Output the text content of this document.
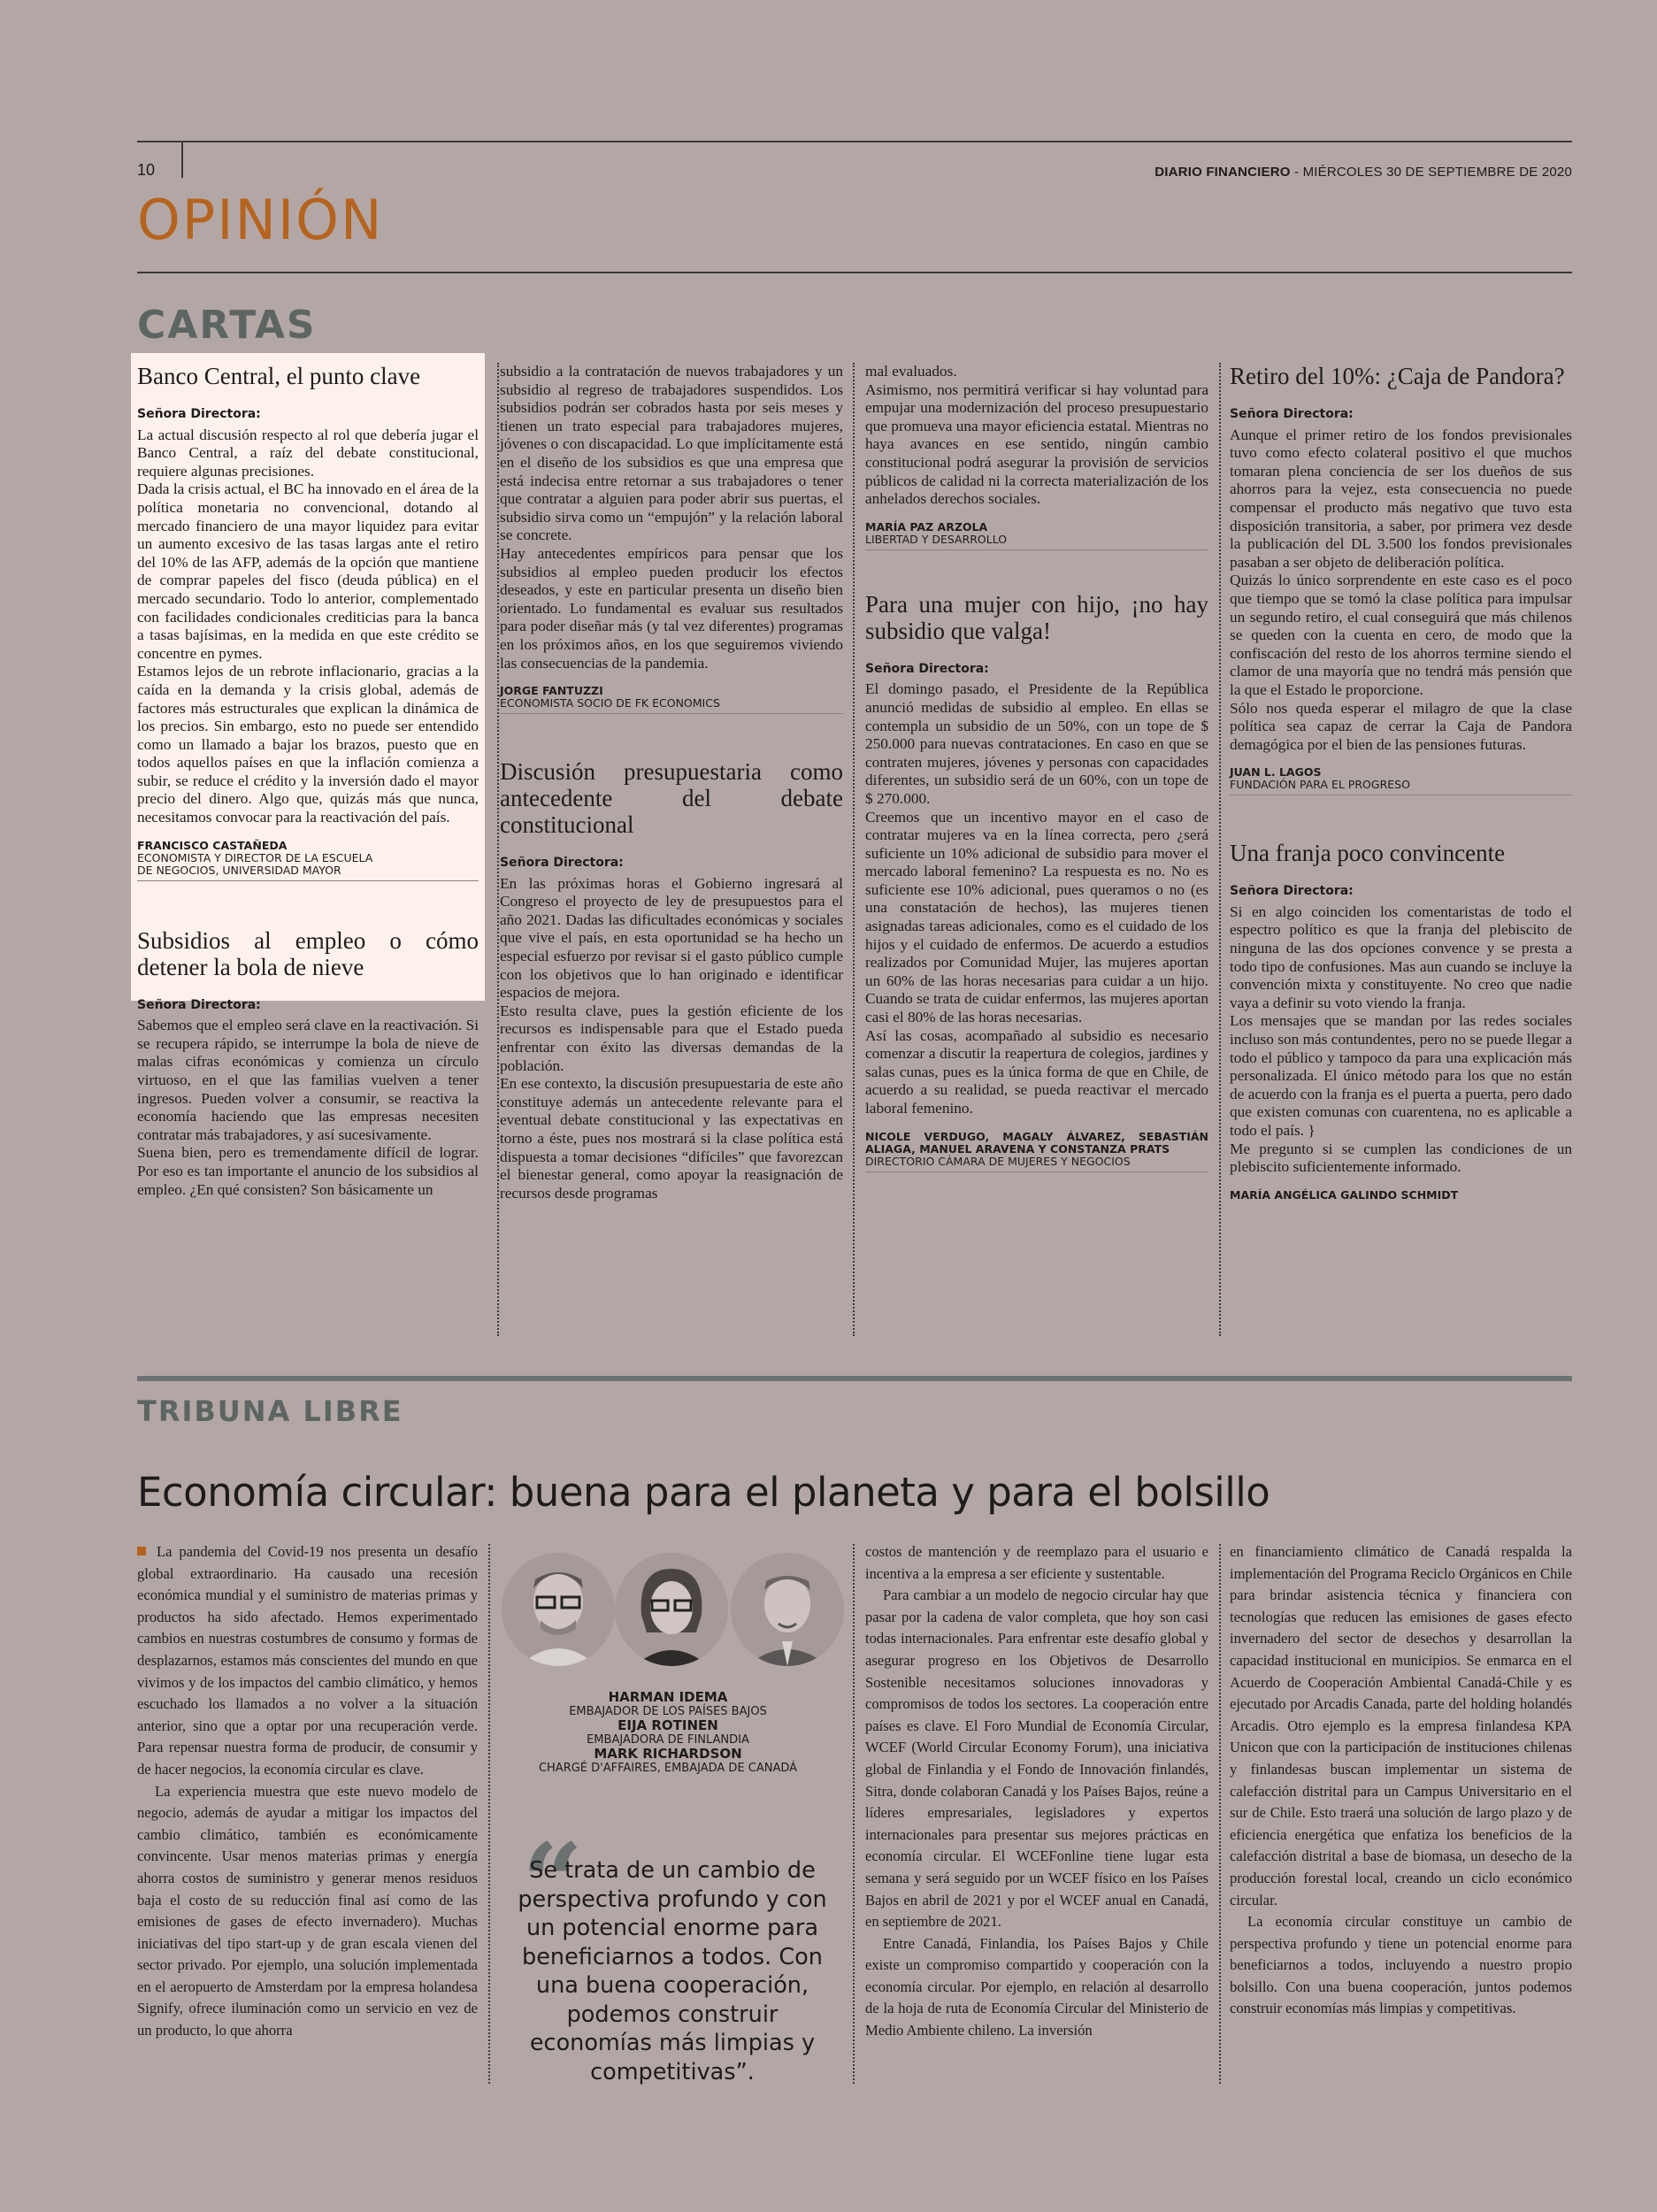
10	DIARIO FINANCIERO - MIÉRCOLES 30 DE SEPTIEMBRE DE 2020
OPINIÓN
CARTAS
Banco Central, el punto clave
Señora Directora:

La actual discusión respecto al rol que debería jugar el Banco Central, a raíz del debate constitucional, requiere algunas precisiones.

Dada la crisis actual, el BC ha innovado en el área de la política monetaria no convencional, dotando al mercado financiero de una mayor liquidez para evitar un aumento excesivo de las tasas largas ante el retiro del 10% de las AFP, además de la opción que mantiene de comprar papeles del fisco (deuda pública) en el mercado secundario. Todo lo anterior, complementado con facilidades condicionales crediticias para la banca a tasas bajísimas, en la medida en que este crédito se concentre en pymes.

Estamos lejos de un rebrote inflacionario, gracias a la caída en la demanda y la crisis global, además de factores más estructurales que explican la dinámica de los precios. Sin embargo, esto no puede ser entendido como un llamado a bajar los brazos, puesto que en todos aquellos países en que la inflación comienza a subir, se reduce el crédito y la inversión dado el mayor precio del dinero. Algo que, quizás más que nunca, necesitamos convocar para la reactivación del país.

FRANCISCO CASTAÑEDA
ECONOMISTA Y DIRECTOR DE LA ESCUELA
DE NEGOCIOS, UNIVERSIDAD MAYOR
Subsidios al empleo o cómo detener la bola de nieve
Señora Directora:

Sabemos que el empleo será clave en la reactivación. Si se recupera rápido, se interrumpe la bola de nieve de malas cifras económicas y comienza un círculo virtuoso, en el que las familias vuelven a tener ingresos. Pueden volver a consumir, se reactiva la economía haciendo que las empresas necesiten contratar más trabajadores, y así sucesivamente.

Suena bien, pero es tremendamente difícil de lograr. Por eso es tan importante el anuncio de los subsidios al empleo. ¿En qué consisten? Son básicamente un

subsidio a la contratación de nuevos trabajadores y un subsidio al regreso de trabajadores suspendidos. Los subsidios podrán ser cobrados hasta por seis meses y tienen un trato especial para trabajadores mujeres, jóvenes o con discapacidad. Lo que implícitamente está en el diseño de los subsidios es que una empresa que está indecisa entre retornar a sus trabajadores o tener que contratar a alguien para poder abrir sus puertas, el subsidio sirva como un “empujón” y la relación laboral se concrete.

Hay antecedentes empíricos para pensar que los subsidios al empleo pueden producir los efectos deseados, y este en particular presenta un diseño bien orientado. Lo fundamental es evaluar sus resultados para poder diseñar más (y tal vez diferentes) programas en los próximos años, en los que seguiremos viviendo las consecuencias de la pandemia.

JORGE FANTUZZI
ECONOMISTA SOCIO DE FK ECONOMICS
Discusión presupuestaria como antecedente del debate constitucional
Señora Directora:

En las próximas horas el Gobierno ingresará al Congreso el proyecto de ley de presupuestos para el año 2021. Dadas las dificultades económicas y sociales que vive el país, en esta oportunidad se ha hecho un especial esfuerzo por revisar si el gasto público cumple con los objetivos que lo han originado e identificar espacios de mejora.

Esto resulta clave, pues la gestión eficiente de los recursos es indispensable para que el Estado pueda enfrentar con éxito las diversas demandas de la población.

En ese contexto, la discusión presupuestaria de este año constituye además un antecedente relevante para el eventual debate constitucional y las expectativas en torno a éste, pues nos mostrará si la clase política está dispuesta a tomar decisiones “difíciles” que favorezcan el bienestar general, como apoyar la reasignación de recursos desde programas

mal evaluados.

Asimismo, nos permitirá verificar si hay voluntad para empujar una modernización del proceso presupuestario que promueva una mayor eficiencia estatal. Mientras no haya avances en ese sentido, ningún cambio constitucional podrá asegurar la provisión de servicios públicos de calidad ni la correcta materialización de los anhelados derechos sociales.

MARÍA PAZ ARZOLA
LIBERTAD Y DESARROLLO
Para una mujer con hijo, ¡no hay subsidio que valga!
Señora Directora:

El domingo pasado, el Presidente de la República anunció medidas de subsidio al empleo. En ellas se contempla un subsidio de un 50%, con un tope de $ 250.000 para nuevas contrataciones. En caso en que se contraten mujeres, jóvenes y personas con capacidades diferentes, un subsidio será de un 60%, con un tope de $ 270.000.

Creemos que un incentivo mayor en el caso de contratar mujeres va en la línea correcta, pero ¿será suficiente un 10% adicional de subsidio para mover el mercado laboral femenino? La respuesta es no. No es suficiente ese 10% adicional, pues queramos o no (es una constatación de hechos), las mujeres tienen asignadas tareas adicionales, como es el cuidado de los hijos y el cuidado de enfermos. De acuerdo a estudios realizados por Comunidad Mujer, las mujeres aportan un 60% de las horas necesarias para cuidar a un hijo. Cuando se trata de cuidar enfermos, las mujeres aportan casi el 80% de las horas necesarias.

Así las cosas, acompañado al subsidio es necesario comenzar a discutir la reapertura de colegios, jardines y salas cunas, pues es la única forma de que en Chile, de acuerdo a su realidad, se pueda reactivar el mercado laboral femenino.

NICOLE VERDUGO, MAGALY ÁLVAREZ, SEBASTIÁN ALIAGA, MANUEL ARAVENA Y CONSTANZA PRATS
DIRECTORIO CÁMARA DE MUJERES Y NEGOCIOS
Retiro del 10%: ¿Caja de Pandora?
Señora Directora:

Aunque el primer retiro de los fondos previsionales tuvo como efecto colateral positivo el que muchos tomaran plena conciencia de ser los dueños de sus ahorros para la vejez, esta consecuencia no puede compensar el producto más negativo que tuvo esta disposición transitoria, a saber, por primera vez desde la publicación del DL 3.500 los fondos previsionales pasaban a ser objeto de deliberación política.

Quizás lo único sorprendente en este caso es el poco que tiempo que se tomó la clase política para impulsar un segundo retiro, el cual conseguirá que más chilenos se queden con la cuenta en cero, de modo que la confiscación del resto de los ahorros termine siendo el clamor de una mayoría que no tendrá más pensión que la que el Estado le proporcione.

Sólo nos queda esperar el milagro de que la clase política sea capaz de cerrar la Caja de Pandora demagógica por el bien de las pensiones futuras.

JUAN L. LAGOS
FUNDACIÓN PARA EL PROGRESO
Una franja poco convincente
Señora Directora:

Si en algo coinciden los comentaristas de todo el espectro político es que la franja del plebiscito de ninguna de las dos opciones convence y se presta a todo tipo de confusiones. Mas aun cuando se incluye la convención mixta y constituyente. No creo que nadie vaya a definir su voto viendo la franja.

Los mensajes que se mandan por las redes sociales incluso son más contundentes, pero no se puede llegar a todo el público y tampoco da para una explicación más personalizada. El único método para los que no están de acuerdo con la franja es el puerta a puerta, pero dado que existen comunas con cuarentena, no es aplicable a todo el país. }

Me pregunto si se cumplen las condiciones de un plebiscito suficientemente informado.

MARÍA ANGÉLICA GALINDO SCHMIDT
TRIBUNA LIBRE
Economía circular: buena para el planeta y para el bolsillo

La pandemia del Covid-19 nos presenta un desafío global extraordinario. Ha causado una recesión económica mundial y el suministro de materias primas y productos ha sido afectado. Hemos experimentado cambios en nuestras costumbres de consumo y formas de desplazarnos, estamos más conscientes del mundo en que vivimos y de los impactos del cambio climático, y hemos escuchado los llamados a no volver a la situación anterior, sino que a optar por una recuperación verde. Para repensar nuestra forma de producir, de consumir y de hacer negocios, la economía circular es clave.

La experiencia muestra que este nuevo modelo de negocio, además de ayudar a mitigar los impactos del cambio climático, también es económicamente convincente. Usar menos materias primas y energía ahorra costos de suministro y generar menos residuos baja el costo de su reducción final así como de las emisiones de gases de efecto invernadero). Muchas iniciativas del tipo start-up y de gran escala vienen del sector privado. Por ejemplo, una solución implementada en el aeropuerto de Amsterdam por la empresa holandesa Signify, ofrece iluminación como un servicio en vez de un producto, lo que ahorra

HARMAN IDEMA
EMBAJADOR DE LOS PAÍSES BAJOS
EIJA ROTINEN
EMBAJADORA DE FINLANDIA
MARK RICHARDSON
CHARGÉ D'AFFAIRES, EMBAJADA DE CANADÁ
“
Se trata de un cambio de perspectiva profundo y con un potencial enorme para beneficiarnos a todos. Con una buena cooperación, podemos construir economías más limpias y competitivas”.

costos de mantención y de reemplazo para el usuario e incentiva a la empresa a ser eficiente y sustentable.

Para cambiar a un modelo de negocio circular hay que pasar por la cadena de valor completa, que hoy son casi todas internacionales. Para enfrentar este desafío global y asegurar progreso en los Objetivos de Desarrollo Sostenible necesitamos soluciones innovadoras y compromisos de todos los sectores. La cooperación entre países es clave. El Foro Mundial de Economía Circular, WCEF (World Circular Economy Forum), una iniciativa global de Finlandia y el Fondo de Innovación finlandés, Sitra, donde colaboran Canadá y los Países Bajos, reúne a líderes empresariales, legisladores y expertos internacionales para presentar sus mejores prácticas en economía circular. El WCEFonline tiene lugar esta semana y será seguido por un WCEF físico en los Países Bajos en abril de 2021 y por el WCEF anual en Canadá, en septiembre de 2021.

Entre Canadá, Finlandia, los Países Bajos y Chile existe un compromiso compartido y cooperación con la economía circular. Por ejemplo, en relación al desarrollo de la hoja de ruta de Economía Circular del Ministerio de Medio Ambiente chileno. La inversión

en financiamiento climático de Canadá respalda la implementación del Programa Reciclo Orgánicos en Chile para brindar asistencia técnica y financiera con tecnologías que reducen las emisiones de gases efecto invernadero del sector de desechos y desarrollan la capacidad institucional en municipios. Se enmarca en el Acuerdo de Cooperación Ambiental Canadá-Chile y es ejecutado por Arcadis Canada, parte del holding holandés Arcadis. Otro ejemplo es la empresa finlandesa KPA Unicon que con la participación de instituciones chilenas y finlandesas buscan implementar un sistema de calefacción distrital para un Campus Universitario en el sur de Chile. Esto traerá una solución de largo plazo y de eficiencia energética que enfatiza los beneficios de la calefacción distrital a base de biomasa, un desecho de la producción forestal local, creando un ciclo económico circular.

La economía circular constituye un cambio de perspectiva profundo y tiene un potencial enorme para beneficiarnos a todos, incluyendo a nuestro propio bolsillo. Con una buena cooperación, juntos podemos construir economías más limpias y competitivas.
